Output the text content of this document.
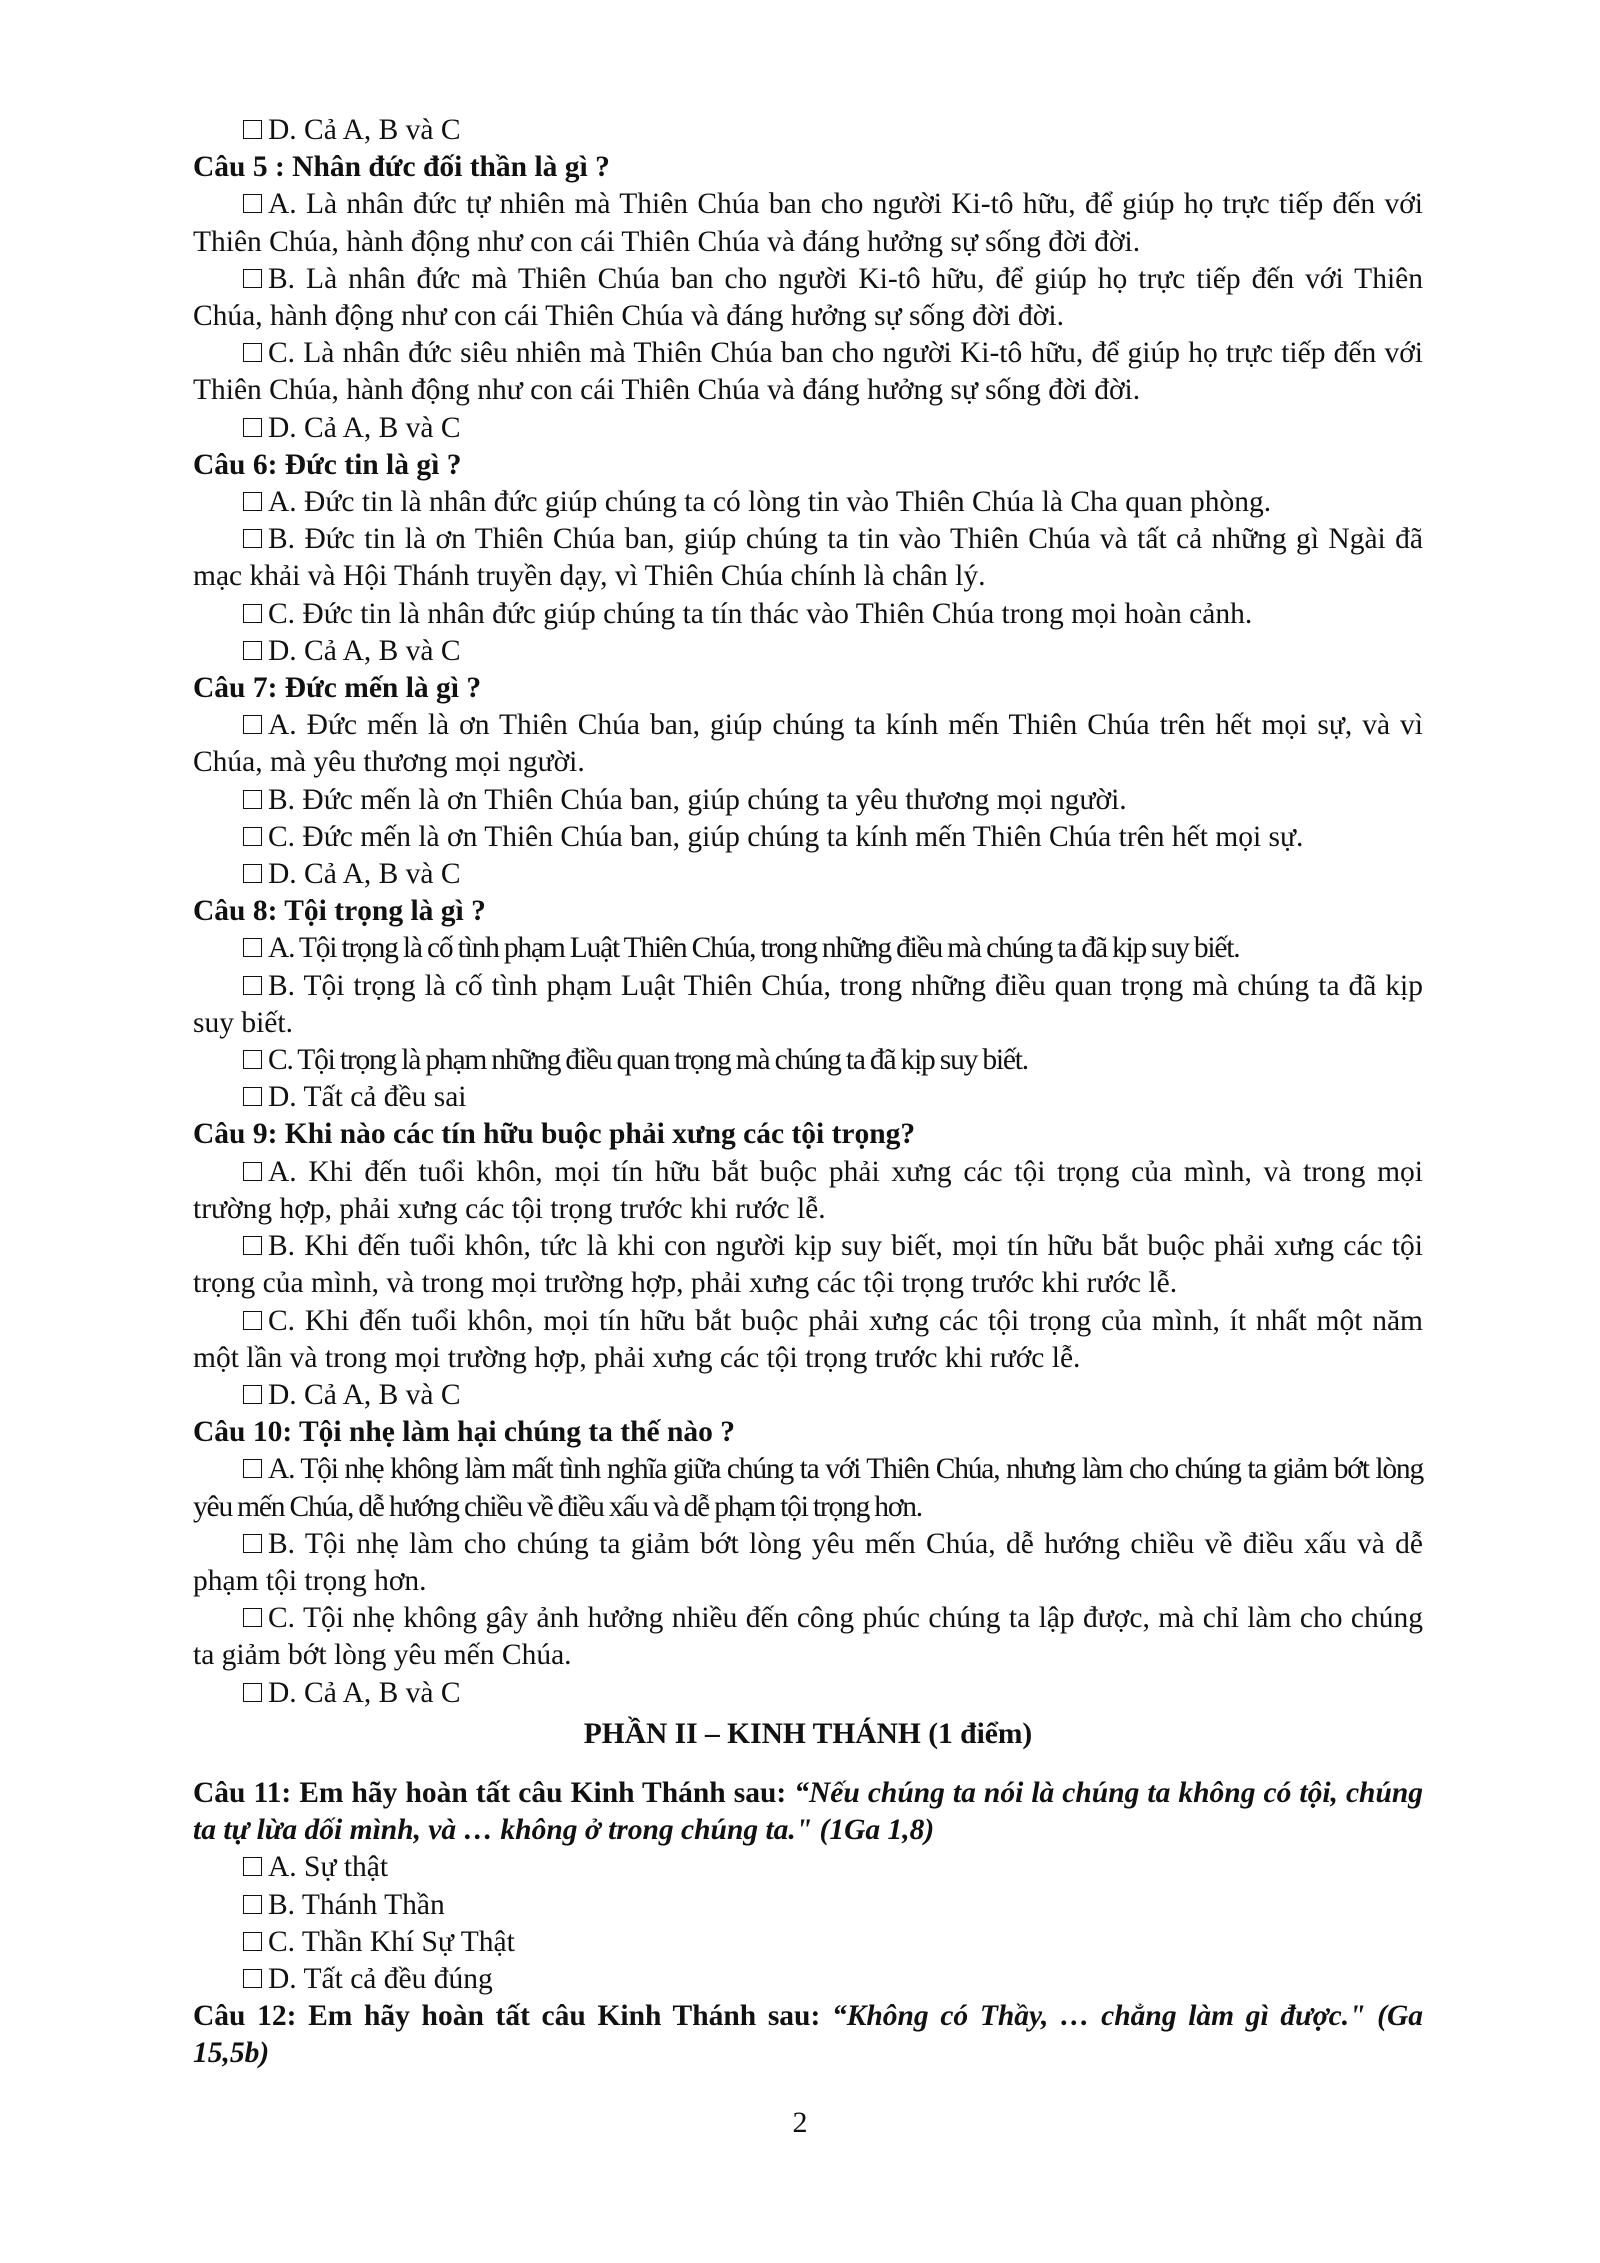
D. Cả A, B và C

Câu 5 : Nhân đức đối thần là gì ?

A. Là nhân đức tự nhiên mà Thiên Chúa ban cho người Ki-tô hữu, để giúp họ trực tiếp đến với Thiên Chúa, hành động như con cái Thiên Chúa và đáng hưởng sự sống đời đời.

B. Là nhân đức mà Thiên Chúa ban cho người Ki-tô hữu, để giúp họ trực tiếp đến với Thiên Chúa, hành động như con cái Thiên Chúa và đáng hưởng sự sống đời đời.

C. Là nhân đức siêu nhiên mà Thiên Chúa ban cho người Ki-tô hữu, để giúp họ trực tiếp đến với Thiên Chúa, hành động như con cái Thiên Chúa và đáng hưởng sự sống đời đời.

D. Cả A, B và C

Câu 6: Đức tin là gì ?

A. Đức tin là nhân đức giúp chúng ta có lòng tin vào Thiên Chúa là Cha quan phòng.

B. Đức tin là ơn Thiên Chúa ban, giúp chúng ta tin vào Thiên Chúa và tất cả những gì Ngài đã mạc khải và Hội Thánh truyền dạy, vì Thiên Chúa chính là chân lý.

C. Đức tin là nhân đức giúp chúng ta tín thác vào Thiên Chúa trong mọi hoàn cảnh.

D. Cả A, B và C

Câu 7: Đức mến là gì ?

A. Đức mến là ơn Thiên Chúa ban, giúp chúng ta kính mến Thiên Chúa trên hết mọi sự, và vì Chúa, mà yêu thương mọi người.

B. Đức mến là ơn Thiên Chúa ban, giúp chúng ta yêu thương mọi người.

C. Đức mến là ơn Thiên Chúa ban, giúp chúng ta kính mến Thiên Chúa trên hết mọi sự.

D. Cả A, B và C

Câu 8: Tội trọng là gì ?

A. Tội trọng là cố tình phạm Luật Thiên Chúa, trong những điều mà chúng ta đã kịp suy biết.

B. Tội trọng là cố tình phạm Luật Thiên Chúa, trong những điều quan trọng mà chúng ta đã kịp suy biết.

C. Tội trọng là phạm những điều quan trọng mà chúng ta đã kịp suy biết.

D. Tất cả đều sai

Câu 9: Khi nào các tín hữu buộc phải xưng các tội trọng?

A. Khi đến tuổi khôn, mọi tín hữu bắt buộc phải xưng các tội trọng của mình, và trong mọi trường hợp, phải xưng các tội trọng trước khi rước lễ.

B. Khi đến tuổi khôn, tức là khi con người kịp suy biết, mọi tín hữu bắt buộc phải xưng các tội trọng của mình, và trong mọi trường hợp, phải xưng các tội trọng trước khi rước lễ.

C. Khi đến tuổi khôn, mọi tín hữu bắt buộc phải xưng các tội trọng của mình, ít nhất một năm một lần và trong mọi trường hợp, phải xưng các tội trọng trước khi rước lễ.

D. Cả A, B và C

Câu 10: Tội nhẹ làm hại chúng ta thế nào ?

A. Tội nhẹ không làm mất tình nghĩa giữa chúng ta với Thiên Chúa, nhưng làm cho chúng ta giảm bớt lòng yêu mến Chúa, dễ hướng chiều về điều xấu và dễ phạm tội trọng hơn.

B. Tội nhẹ làm cho chúng ta giảm bớt lòng yêu mến Chúa, dễ hướng chiều về điều xấu và dễ phạm tội trọng hơn.

C. Tội nhẹ không gây ảnh hưởng nhiều đến công phúc chúng ta lập được, mà chỉ làm cho chúng ta giảm bớt lòng yêu mến Chúa.

D. Cả A, B và C

PHẦN II – KINH THÁNH (1 điểm)

Câu 11: Em hãy hoàn tất câu Kinh Thánh sau: “Nếu chúng ta nói là chúng ta không có tội, chúng ta tự lừa dối mình, và … không ở trong chúng ta." (1Ga 1,8)

A. Sự thật

B. Thánh Thần

C. Thần Khí Sự Thật

D. Tất cả đều đúng

Câu 12: Em hãy hoàn tất câu Kinh Thánh sau: “Không có Thầy, … chẳng làm gì được." (Ga 15,5b)

2
